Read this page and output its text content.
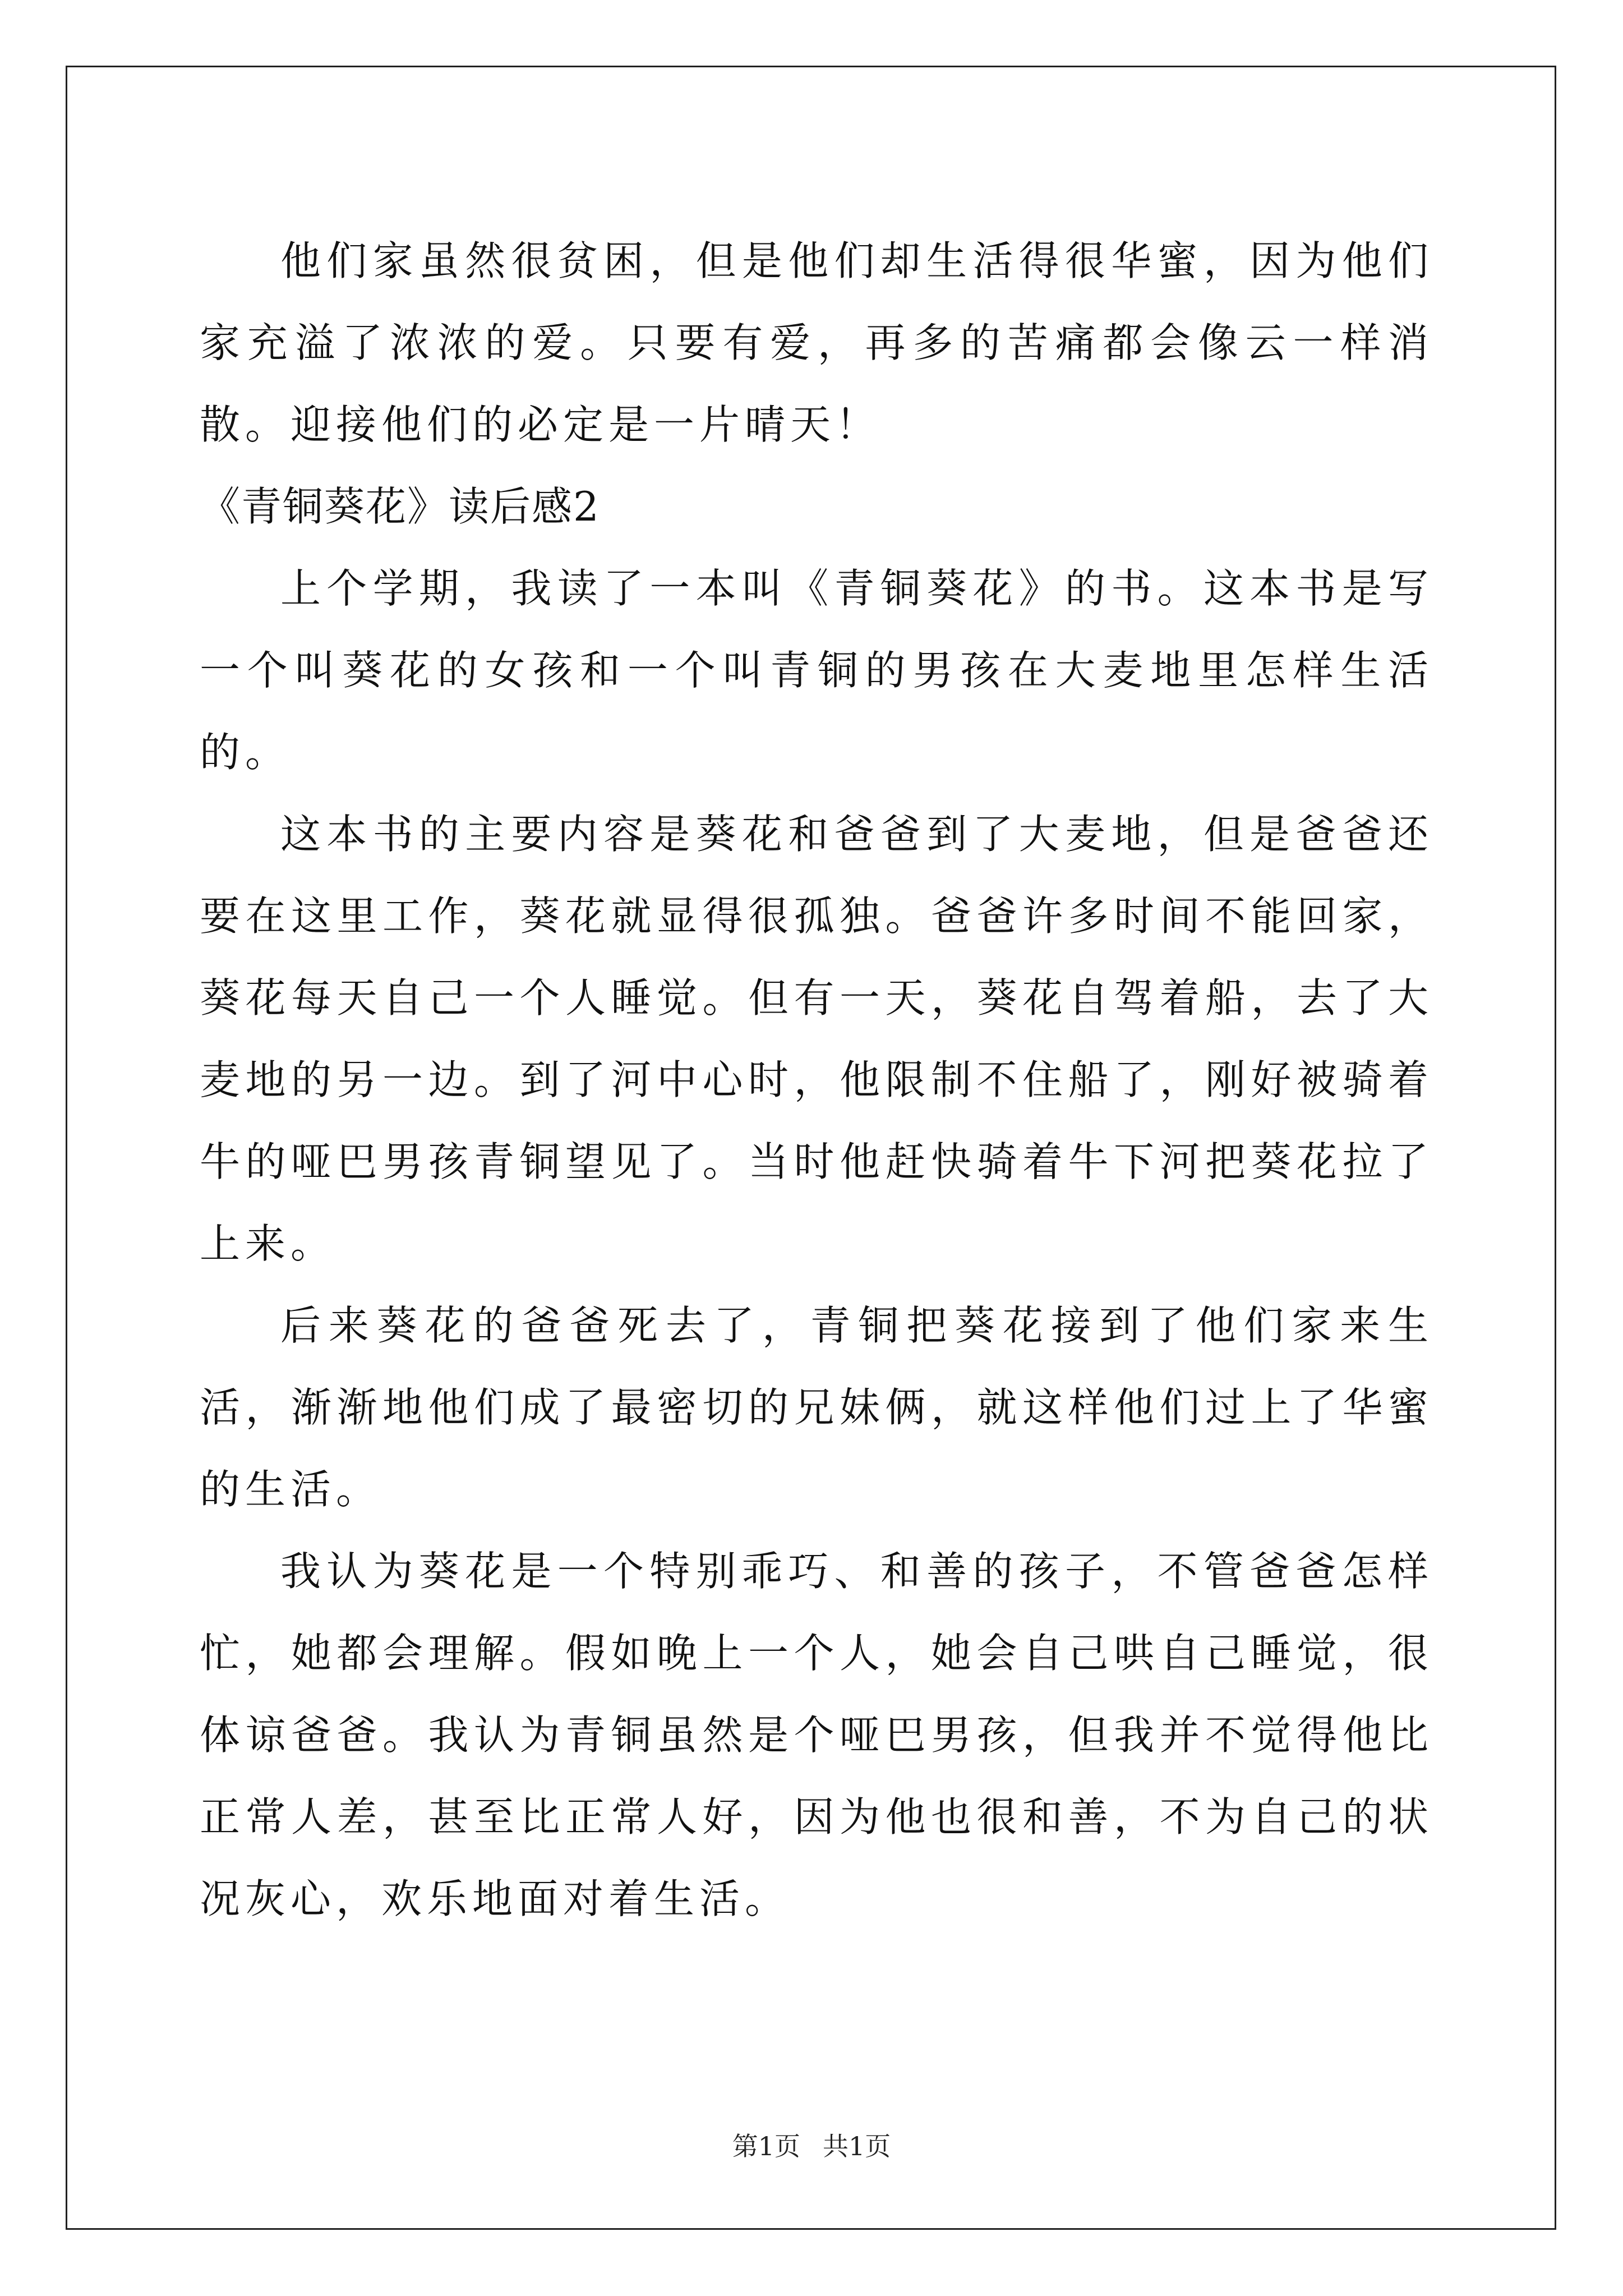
他们家虽然很贫困，但是他们却生活得很华蜜，因为他们家充溢了浓浓的爱。只要有爱，再多的苦痛都会像云一样消散。迎接他们的必定是一片晴天！

《青铜葵花》读后感2

上个学期，我读了一本叫《青铜葵花》的书。这本书是写一个叫葵花的女孩和一个叫青铜的男孩在大麦地里怎样生活的。

这本书的主要内容是葵花和爸爸到了大麦地，但是爸爸还要在这里工作，葵花就显得很孤独。爸爸许多时间不能回家，葵花每天自己一个人睡觉。但有一天，葵花自驾着船，去了大麦地的另一边。到了河中心时，他限制不住船了，刚好被骑着牛的哑巴男孩青铜望见了。当时他赶快骑着牛下河把葵花拉了上来。

后来葵花的爸爸死去了，青铜把葵花接到了他们家来生活，渐渐地他们成了最密切的兄妹俩，就这样他们过上了华蜜的生活。

我认为葵花是一个特别乖巧、和善的孩子，不管爸爸怎样忙，她都会理解。假如晚上一个人，她会自己哄自己睡觉，很体谅爸爸。我认为青铜虽然是个哑巴男孩，但我并不觉得他比正常人差，甚至比正常人好，因为他也很和善，不为自己的状况灰心，欢乐地面对着生活。

第1页 共1页
